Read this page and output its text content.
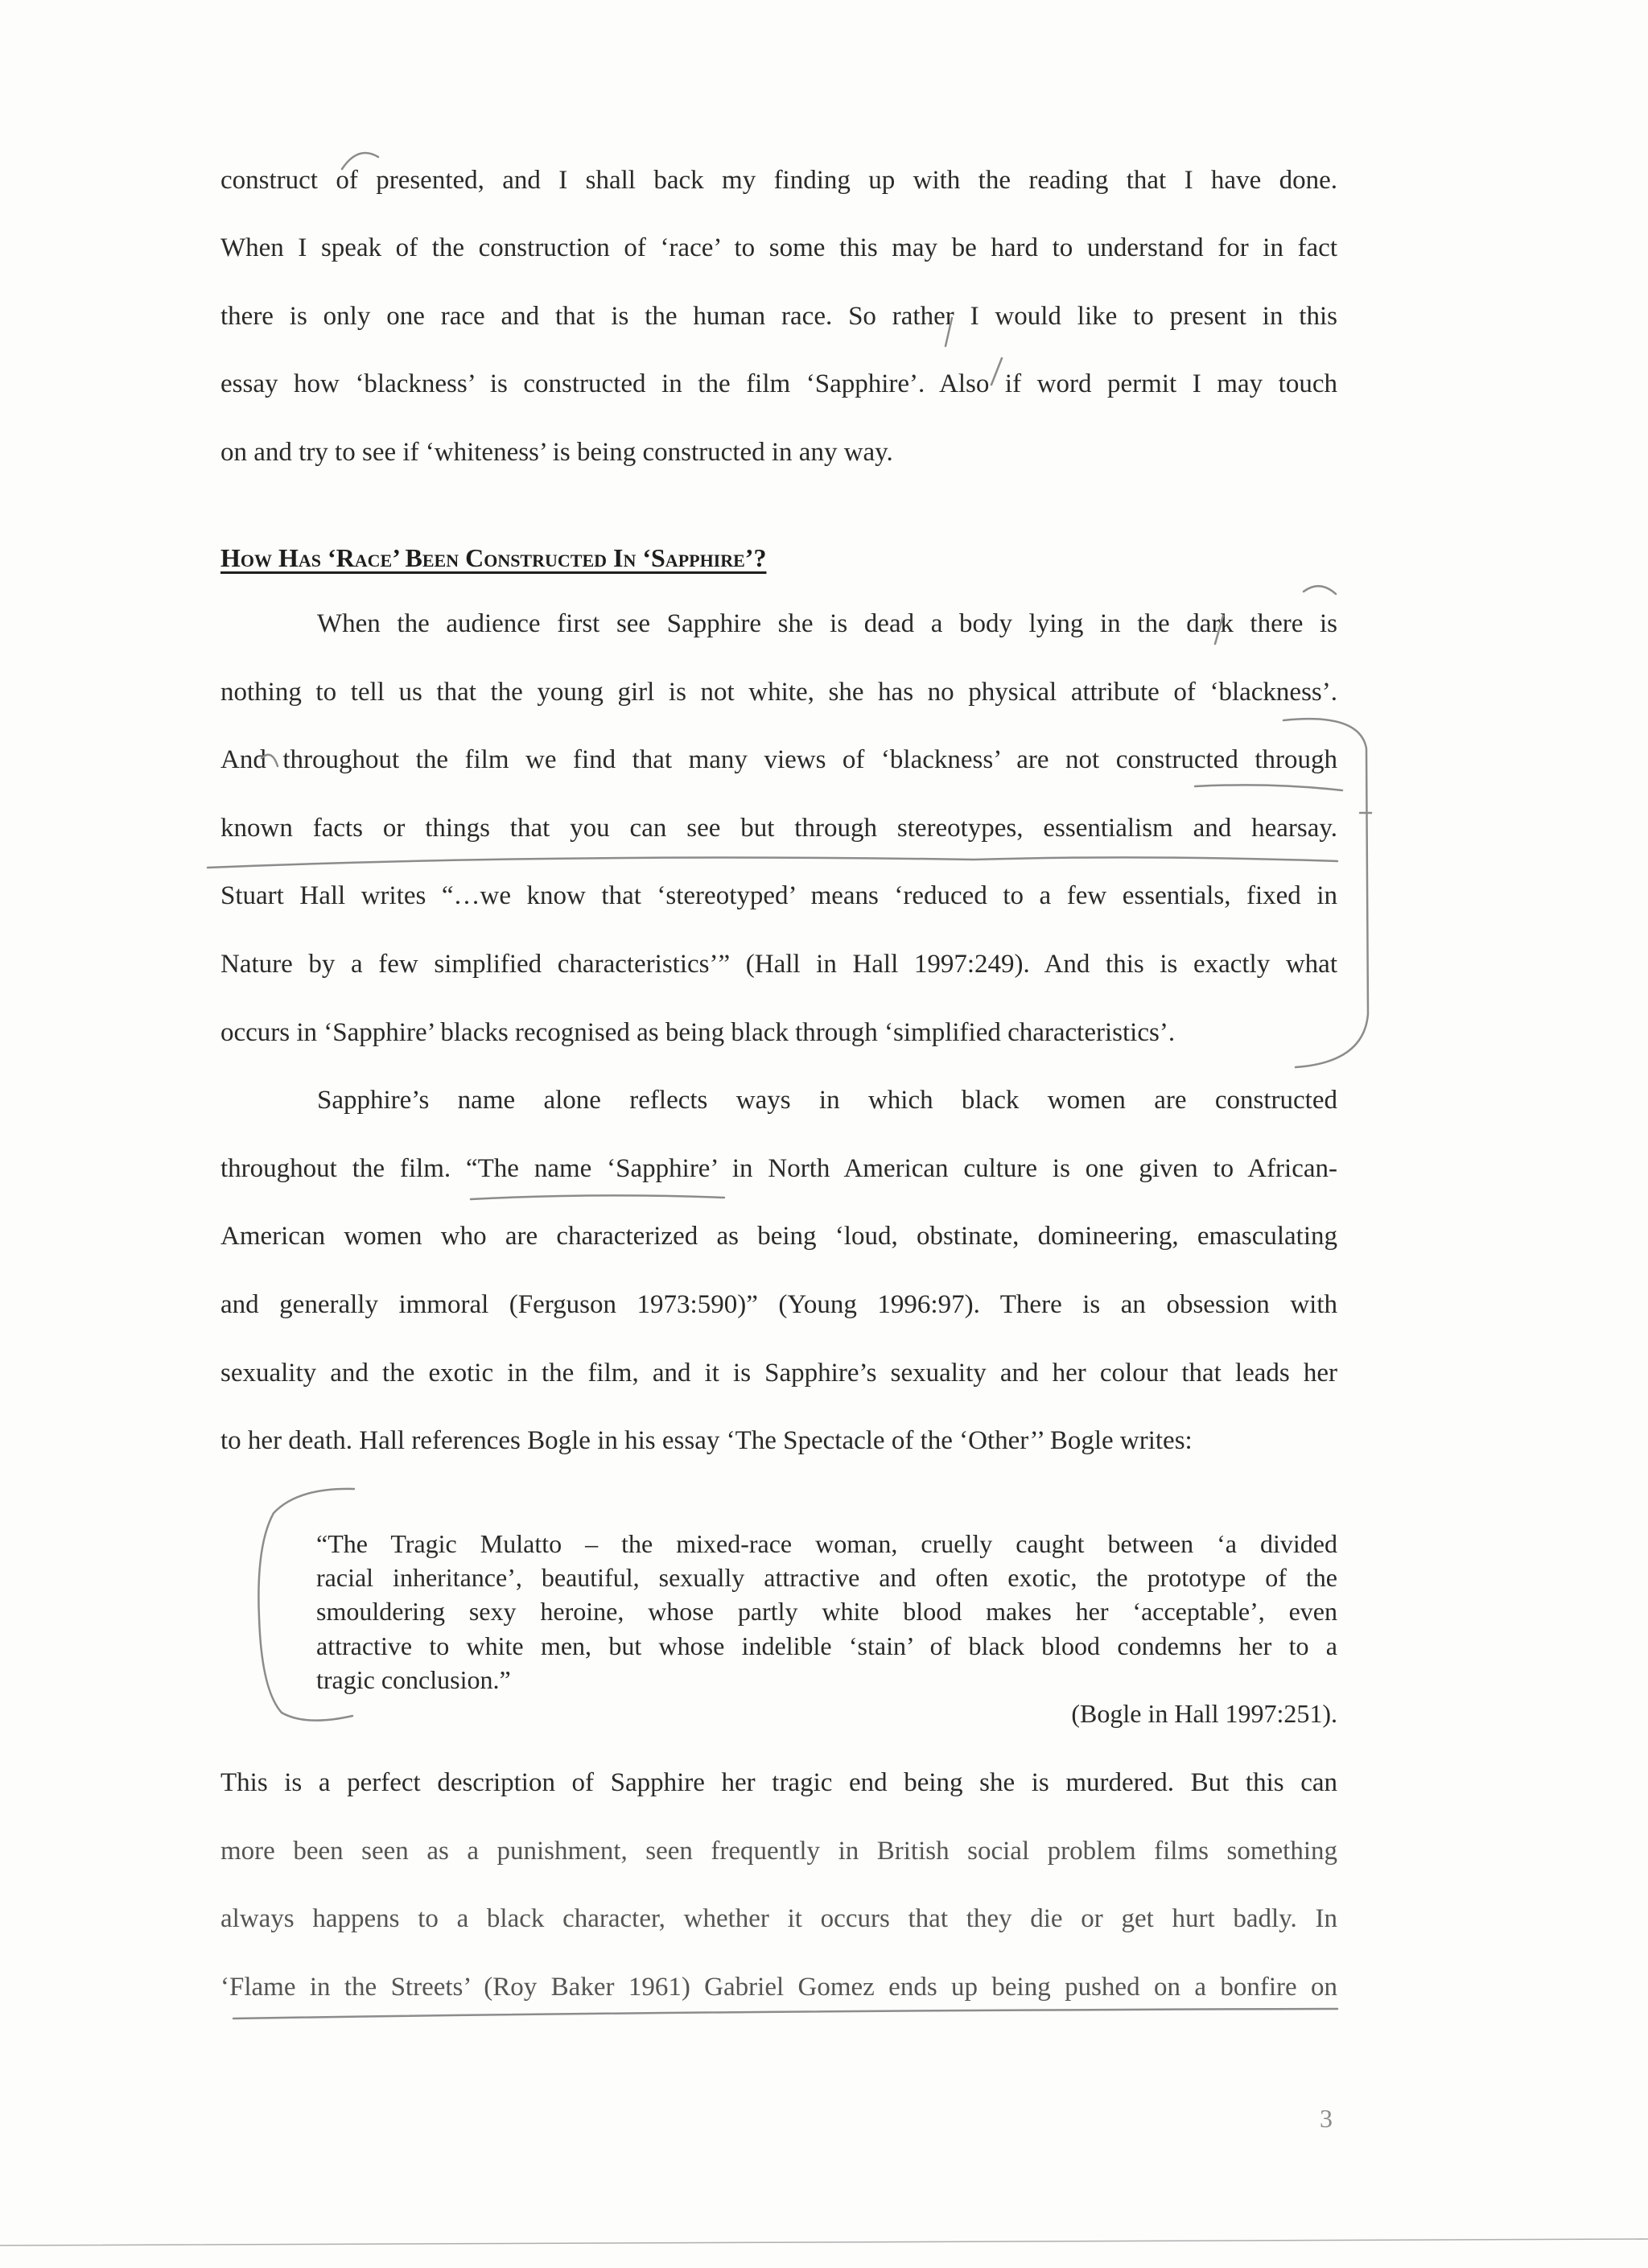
construct of presented, and I shall back my finding up with the reading that I have done.
When I speak of the construction of ‘race’ to some this may be hard to understand for in fact
there is only one race and that is the human race. So rather I would like to present in this
essay how ‘blackness’ is constructed in the film ‘Sapphire’. Also if word permit I may touch
on and try to see if ‘whiteness’ is being constructed in any way.
How Has ‘Race’ Been Constructed In ‘Sapphire’?
When the audience first see Sapphire she is dead a body lying in the dark there is
nothing to tell us that the young girl is not white, she has no physical attribute of ‘blackness’.
And throughout the film we find that many views of ‘blackness’ are not constructed through
known facts or things that you can see but through stereotypes, essentialism and hearsay.
Stuart Hall writes “…we know that ‘stereotyped’ means ‘reduced to a few essentials, fixed in
Nature by a few simplified characteristics’” (Hall in Hall 1997:249). And this is exactly what
occurs in ‘Sapphire’ blacks recognised as being black through ‘simplified characteristics’.
Sapphire’s name alone reflects ways in which black women are constructed
throughout the film. “The name ‘Sapphire’ in North American culture is one given to African-
American women who are characterized as being ‘loud, obstinate, domineering, emasculating
and generally immoral (Ferguson 1973:590)” (Young 1996:97). There is an obsession with
sexuality and the exotic in the film, and it is Sapphire’s sexuality and her colour that leads her
to her death. Hall references Bogle in his essay ‘The Spectacle of the ‘Other’’ Bogle writes:
“The Tragic Mulatto – the mixed-race woman, cruelly caught between ‘a divided
racial inheritance’, beautiful, sexually attractive and often exotic, the prototype of the
smouldering sexy heroine, whose partly white blood makes her ‘acceptable’, even
attractive to white men, but whose indelible ‘stain’ of black blood condemns her to a
tragic conclusion.”
(Bogle in Hall 1997:251).
This is a perfect description of Sapphire her tragic end being she is murdered. But this can
more been seen as a punishment, seen frequently in British social problem films something
always happens to a black character, whether it occurs that they die or get hurt badly. In
‘Flame in the Streets’ (Roy Baker 1961) Gabriel Gomez ends up being pushed on a bonfire on
3
